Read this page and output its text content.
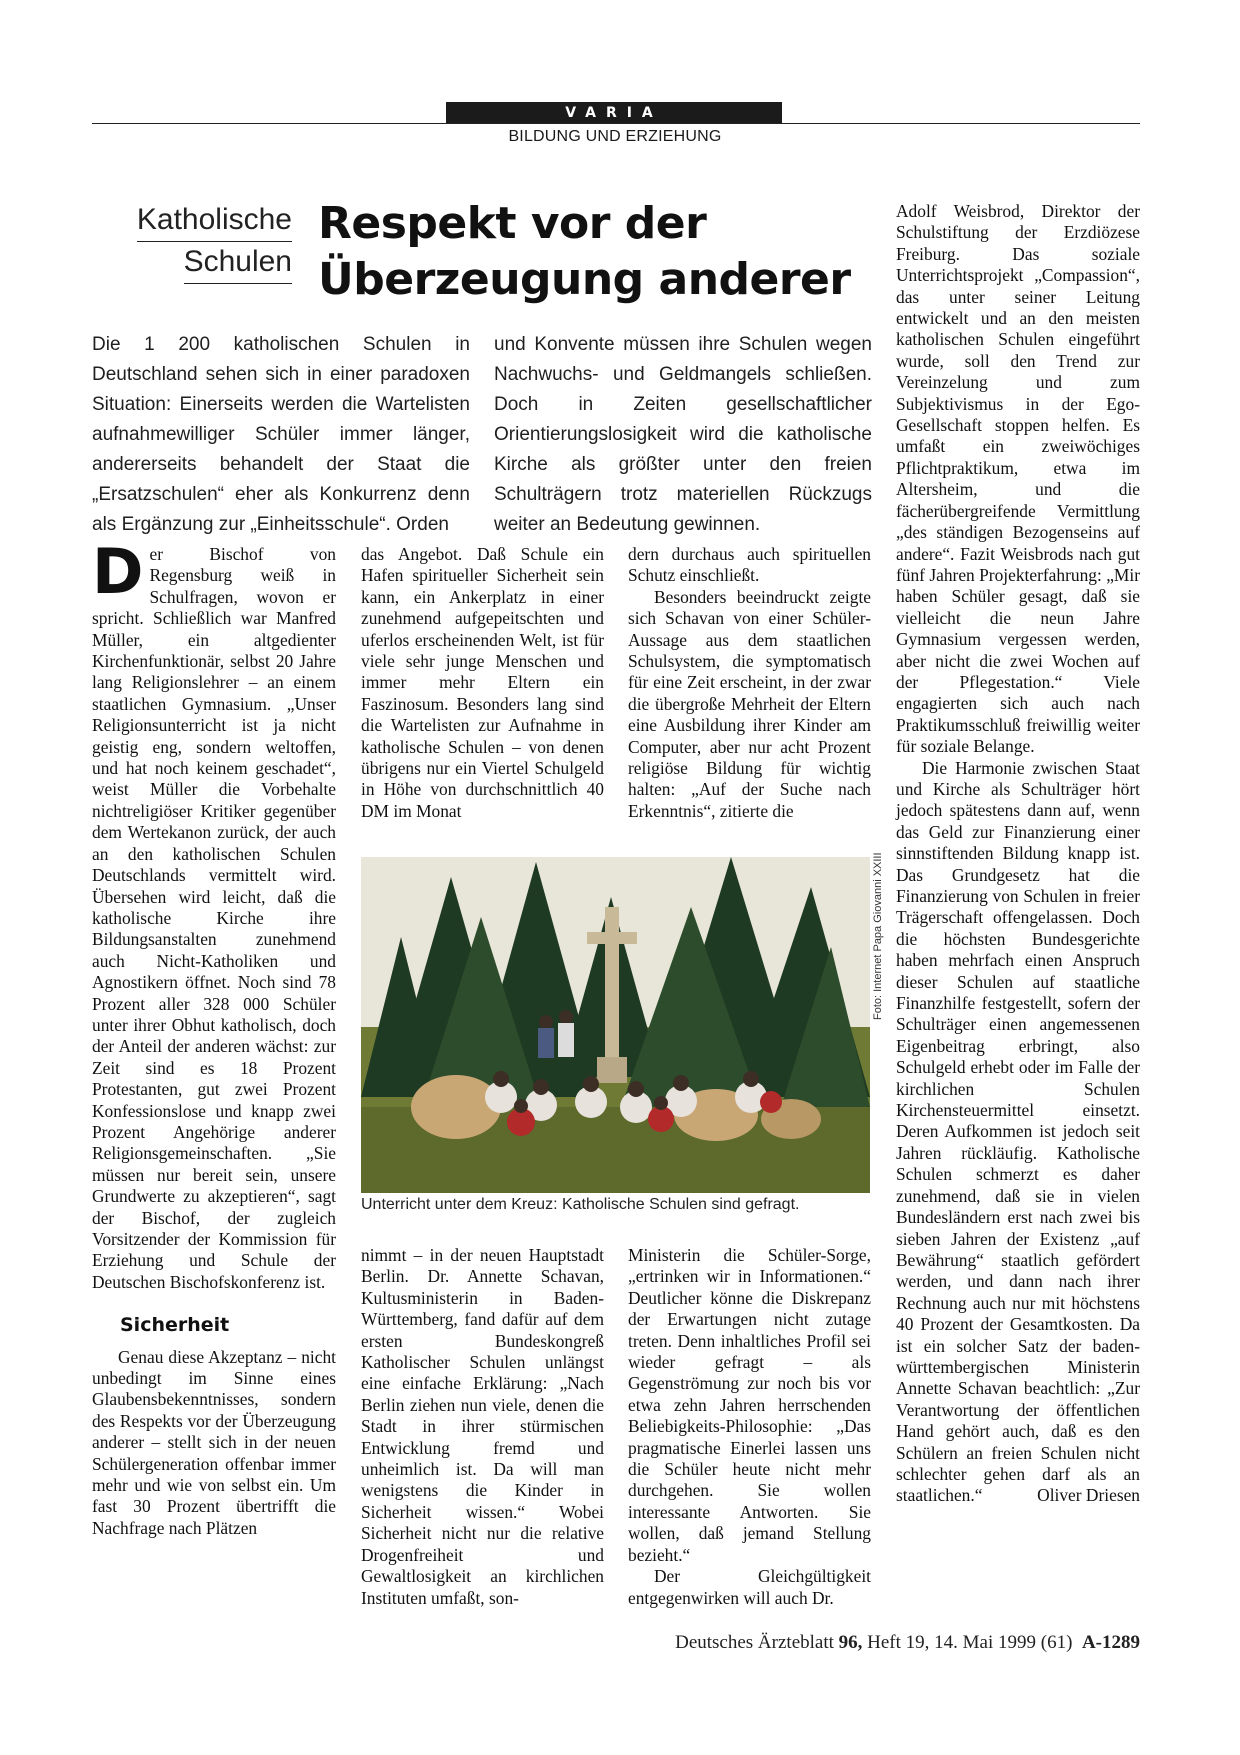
VARIA
BILDUNG UND ERZIEHUNG
Katholische
Schulen
Respekt vor der
Überzeugung anderer
Die 1 200 katholischen Schulen in Deutschland sehen sich in einer paradoxen Situation: Einerseits werden die Wartelisten aufnahmewilliger Schüler immer länger, andererseits behandelt der Staat die „Ersatzschulen“ eher als Konkurrenz denn als Ergänzung zur „Einheitsschule“. Orden
und Konvente müssen ihre Schulen wegen Nachwuchs- und Geldmangels schließen. Doch in Zeiten gesellschaftlicher Orientierungslosigkeit wird die katholische Kirche als größter unter den freien Schulträgern trotz materiellen Rückzugs weiter an Bedeutung gewinnen.

Der Bischof von Regensburg weiß in Schulfragen, wovon er spricht. Schließlich war Manfred Müller, ein altgedienter Kirchenfunktionär, selbst 20 Jahre lang Religionslehrer – an einem staatlichen Gymnasium. „Unser Religionsunterricht ist ja nicht geistig eng, sondern weltoffen, und hat noch keinem geschadet“, weist Müller die Vorbehalte nichtreligiöser Kritiker gegenüber dem Wertekanon zurück, der auch an den katholischen Schulen Deutschlands vermittelt wird. Übersehen wird leicht, daß die katholische Kirche ihre Bildungsanstalten zunehmend auch Nicht-Katholiken und Agnostikern öffnet. Noch sind 78 Prozent aller 328 000 Schüler unter ihrer Obhut katholisch, doch der Anteil der anderen wächst: zur Zeit sind es 18 Prozent Protestanten, gut zwei Prozent Konfessionslose und knapp zwei Prozent Angehörige anderer Religionsgemeinschaften. „Sie müssen nur bereit sein, unsere Grundwerte zu akzeptieren“, sagt der Bischof, der zugleich Vorsitzender der Kommission für Erziehung und Schule der Deutschen Bischofskonferenz ist.

Sicherheit

Genau diese Akzeptanz – nicht unbedingt im Sinne eines Glaubensbekenntnisses, sondern des Respekts vor der Überzeugung anderer – stellt sich in der neuen Schülergeneration offenbar immer mehr und wie von selbst ein. Um fast 30 Prozent übertrifft die Nachfrage nach Plätzen

das Angebot. Daß Schule ein Hafen spiritueller Sicherheit sein kann, ein Ankerplatz in einer zunehmend aufgepeitschten und uferlos erscheinenden Welt, ist für viele sehr junge Menschen und immer mehr Eltern ein Faszinosum. Besonders lang sind die Wartelisten zur Aufnahme in katholische Schulen – von denen übrigens nur ein Viertel Schulgeld in Höhe von durchschnittlich 40 DM im Monat

dern durchaus auch spirituellen Schutz einschließt.

Besonders beeindruckt zeigte sich Schavan von einer Schüler-Aussage aus dem staatlichen Schulsystem, die symptomatisch für eine Zeit erscheint, in der zwar die übergroße Mehrheit der Eltern eine Ausbildung ihrer Kinder am Computer, aber nur acht Prozent religiöse Bildung für wichtig halten: „Auf der Suche nach Erkenntnis“, zitierte die

Foto: Internet Papa Giovanni XXIII
Unterricht unter dem Kreuz: Katholische Schulen sind gefragt.

nimmt – in der neuen Hauptstadt Berlin. Dr. Annette Schavan, Kultusministerin in Baden-Württemberg, fand dafür auf dem ersten Bundeskongreß Katholischer Schulen unlängst eine einfache Erklärung: „Nach Berlin ziehen nun viele, denen die Stadt in ihrer stürmischen Entwicklung fremd und unheimlich ist. Da will man wenigstens die Kinder in Sicherheit wissen.“ Wobei Sicherheit nicht nur die relative Drogenfreiheit und Gewaltlosigkeit an kirchlichen Instituten umfaßt, son-

Ministerin die Schüler-Sorge, „ertrinken wir in Informationen.“ Deutlicher könne die Diskrepanz der Erwartungen nicht zutage treten. Denn inhaltliches Profil sei wieder gefragt – als Gegenströmung zur noch bis vor etwa zehn Jahren herrschenden Beliebigkeits-Philosophie: „Das pragmatische Einerlei lassen uns die Schüler heute nicht mehr durchgehen. Sie wollen interessante Antworten. Sie wollen, daß jemand Stellung bezieht.“

Der Gleichgültigkeit entgegenwirken will auch Dr.

Adolf Weisbrod, Direktor der Schulstiftung der Erzdiözese Freiburg. Das soziale Unterrichtsprojekt „Compassion“, das unter seiner Leitung entwickelt und an den meisten katholischen Schulen eingeführt wurde, soll den Trend zur Vereinzelung und zum Subjektivismus in der Ego-Gesellschaft stoppen helfen. Es umfaßt ein zweiwöchiges Pflichtpraktikum, etwa im Altersheim, und die fächerübergreifende Vermittlung „des ständigen Bezogenseins auf andere“. Fazit Weisbrods nach gut fünf Jahren Projekterfahrung: „Mir haben Schüler gesagt, daß sie vielleicht die neun Jahre Gymnasium vergessen werden, aber nicht die zwei Wochen auf der Pflegestation.“ Viele engagierten sich auch nach Praktikumsschluß freiwillig weiter für soziale Belange.

Die Harmonie zwischen Staat und Kirche als Schulträger hört jedoch spätestens dann auf, wenn das Geld zur Finanzierung einer sinnstiftenden Bildung knapp ist. Das Grundgesetz hat die Finanzierung von Schulen in freier Trägerschaft offengelassen. Doch die höchsten Bundesgerichte haben mehrfach einen Anspruch dieser Schulen auf staatliche Finanzhilfe festgestellt, sofern der Schulträger einen angemessenen Eigenbeitrag erbringt, also Schulgeld erhebt oder im Falle der kirchlichen Schulen Kirchensteuermittel einsetzt. Deren Aufkommen ist jedoch seit Jahren rückläufig. Katholische Schulen schmerzt es daher zunehmend, daß sie in vielen Bundesländern erst nach zwei bis sieben Jahren der Existenz „auf Bewährung“ staatlich gefördert werden, und dann nach ihrer Rechnung auch nur mit höchstens 40 Prozent der Gesamtkosten. Da ist ein solcher Satz der baden-württembergischen Ministerin Annette Schavan beachtlich: „Zur Verantwortung der öffentlichen Hand gehört auch, daß es den Schülern an freien Schulen nicht schlechter gehen darf als an staatlichen.“	Oliver Driesen

Deutsches Ärzteblatt 96, Heft 19, 14. Mai 1999 (61) A-1289
